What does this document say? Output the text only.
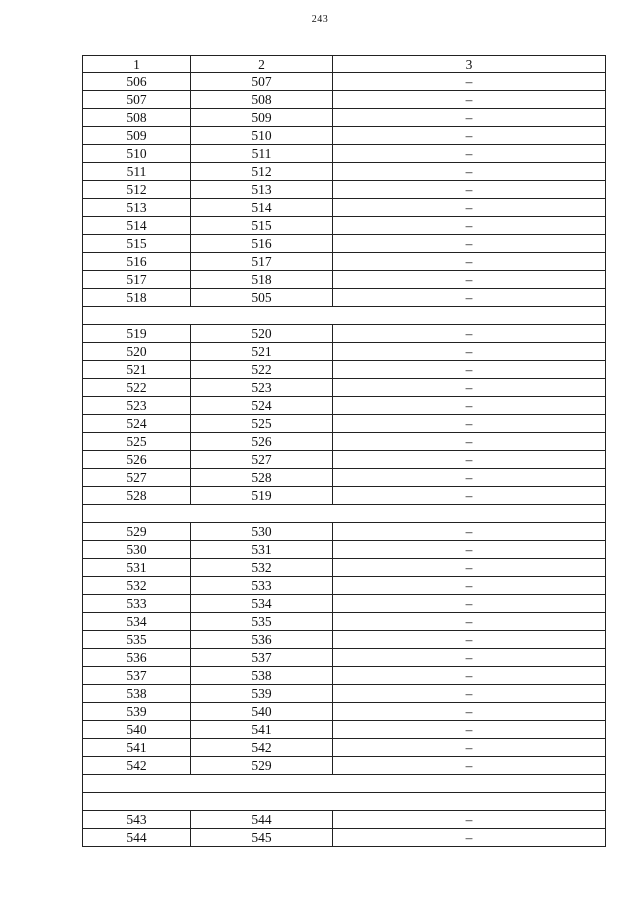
243
1	2	3
506	507	–
507	508	–
508	509	–
509	510	–
510	511	–
511	512	–
512	513	–
513	514	–
514	515	–
515	516	–
516	517	–
517	518	–
518	505	–
519	520	–
520	521	–
521	522	–
522	523	–
523	524	–
524	525	–
525	526	–
526	527	–
527	528	–
528	519	–
529	530	–
530	531	–
531	532	–
532	533	–
533	534	–
534	535	–
535	536	–
536	537	–
537	538	–
538	539	–
539	540	–
540	541	–
541	542	–
542	529	–
543	544	–
544	545	–
